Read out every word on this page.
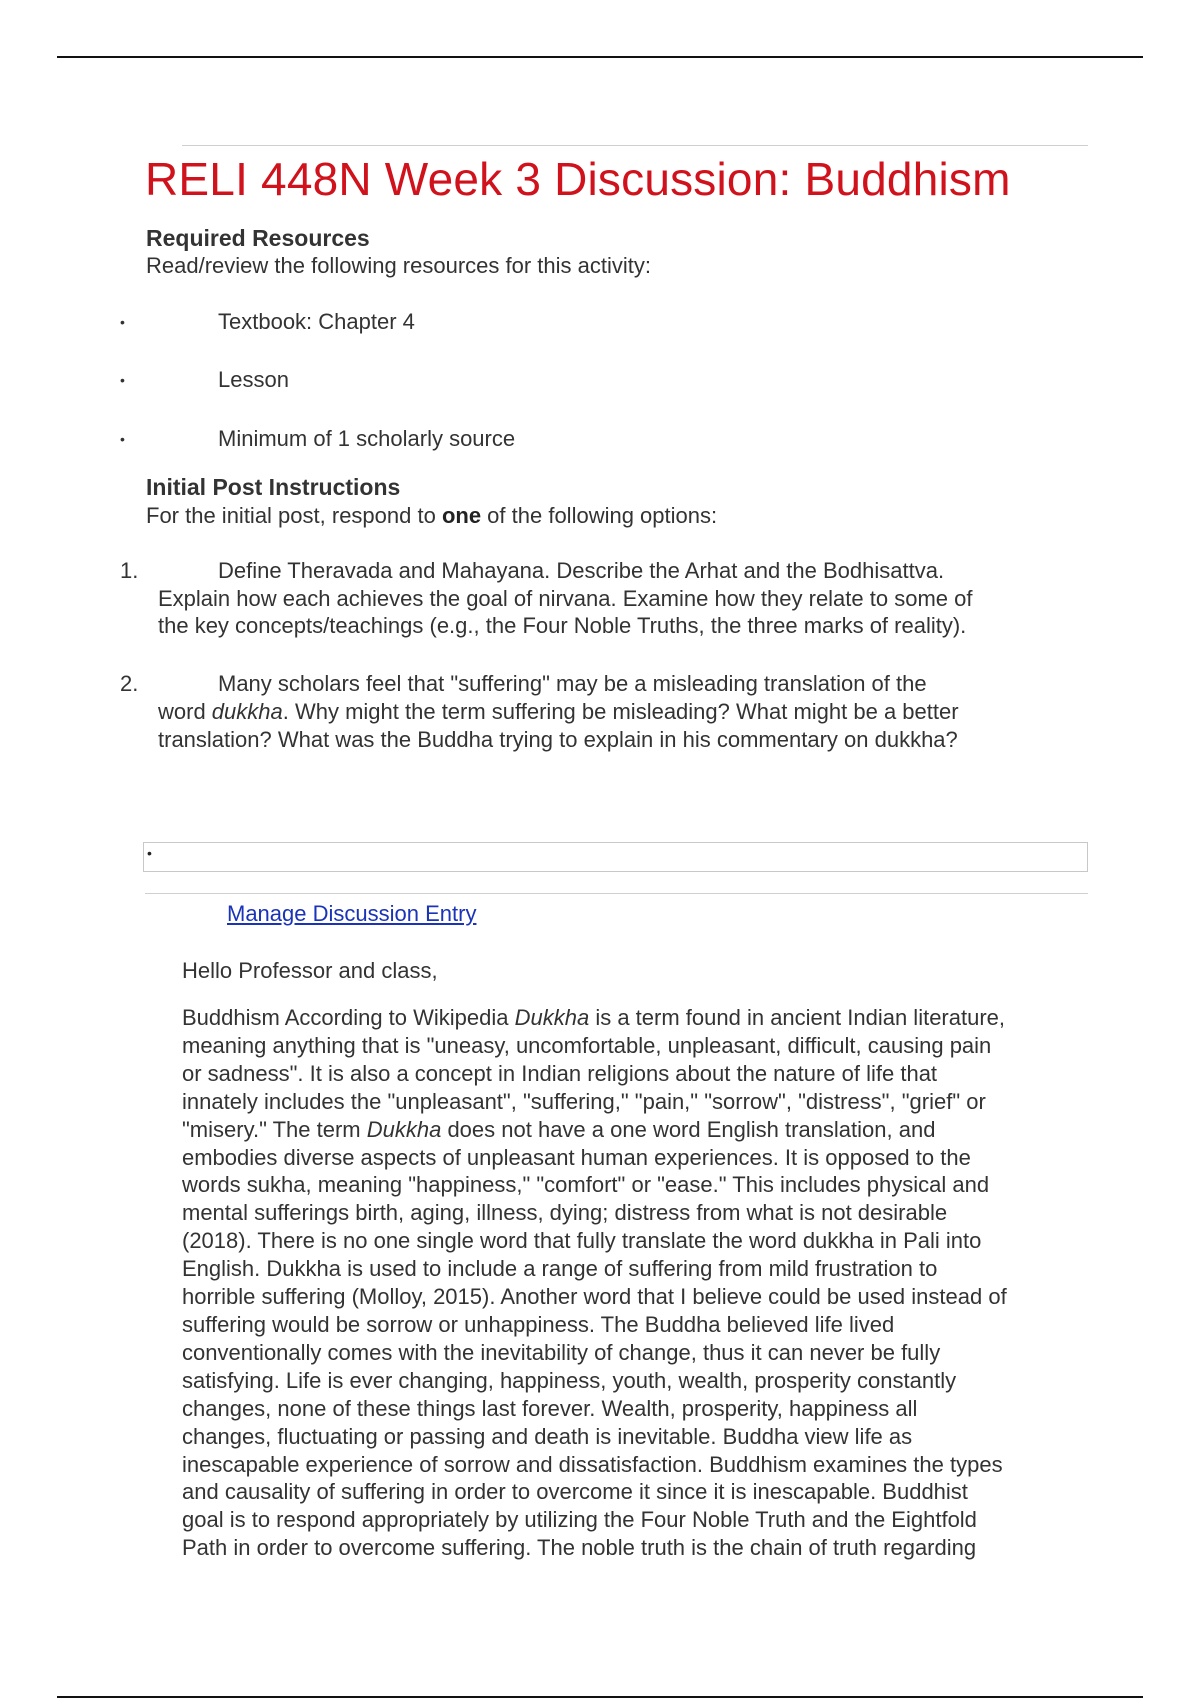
RELI 448N Week 3 Discussion: Buddhism
Required Resources

Read/review the following resources for this activity:

•	Textbook: Chapter 4
•	Lesson
•	Minimum of 1 scholarly source
Initial Post Instructions

For the initial post, respond to one of the following options:

1.	Define Theravada and Mahayana. Describe the Arhat and the Bodhisattva.
Explain how each achieves the goal of nirvana. Examine how they relate to some of
the key concepts/teachings (e.g., the Four Noble Truths, the three marks of reality).
2.	Many scholars feel that "suffering" may be a misleading translation of the
word dukkha. Why might the term suffering be misleading? What might be a better
translation? What was the Buddha trying to explain in his commentary on dukkha?
•
Manage Discussion Entry

Hello Professor and class,

Buddhism According to Wikipedia Dukkha is a term found in ancient Indian literature,
meaning anything that is "uneasy, uncomfortable, unpleasant, difficult, causing pain
or sadness". It is also a concept in Indian religions about the nature of life that
innately includes the "unpleasant", "suffering," "pain," "sorrow", "distress", "grief" or
"misery." The term Dukkha does not have a one word English translation, and
embodies diverse aspects of unpleasant human experiences. It is opposed to the
words sukha, meaning "happiness," "comfort" or "ease." This includes physical and
mental sufferings birth, aging, illness, dying; distress from what is not desirable
(2018). There is no one single word that fully translate the word dukkha in Pali into
English. Dukkha is used to include a range of suffering from mild frustration to
horrible suffering (Molloy, 2015). Another word that I believe could be used instead of
suffering would be sorrow or unhappiness. The Buddha believed life lived
conventionally comes with the inevitability of change, thus it can never be fully
satisfying. Life is ever changing, happiness, youth, wealth, prosperity constantly
changes, none of these things last forever. Wealth, prosperity, happiness all
changes, fluctuating or passing and death is inevitable. Buddha view life as
inescapable experience of sorrow and dissatisfaction. Buddhism examines the types
and causality of suffering in order to overcome it since it is inescapable. Buddhist
goal is to respond appropriately by utilizing the Four Noble Truth and the Eightfold
Path in order to overcome suffering. The noble truth is the chain of truth regarding
